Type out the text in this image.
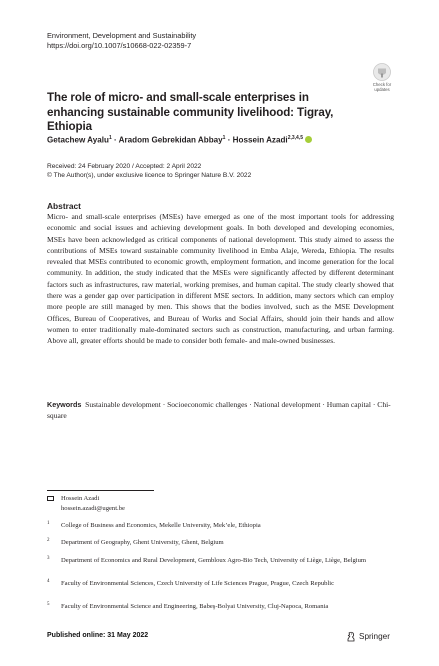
Environment, Development and Sustainability
https://doi.org/10.1007/s10668-022-02359-7
Check for
updates
The role of micro- and small-scale enterprises in enhancing sustainable community livelihood: Tigray, Ethiopia
Getachew Ayalu$^1$ · Aradom Gebrekidan Abbay$^1$ · Hossein Azadi$^{2,3,4,5}$
Received: 24 February 2020 / Accepted: 2 April 2022
© The Author(s), under exclusive licence to Springer Nature B.V. 2022
Abstract
Micro- and small-scale enterprises (MSEs) have emerged as one of the most important tools for addressing economic and social issues and achieving development goals. In both developed and developing economies, MSEs have been acknowledged as critical components of national development. This study aimed to assess the contributions of MSEs toward sustainable community livelihood in Emba Alaje, Wereda, Ethiopia. The results revealed that MSEs contributed to economic growth, employment formation, and income generation for the local community. In addition, the study indicated that the MSEs were significantly affected by different determinant factors such as infrastructures, raw material, working premises, and human capital. The study clearly showed that there was a gender gap over participation in different MSE sectors. In addition, many sectors which can employ more people are still managed by men. This shows that the bodies involved, such as the MSE Development Offices, Bureau of Cooperatives, and Bureau of Works and Social Affairs, should join their hands and allow women to enter traditionally male-dominated sectors such as construction, manufacturing, and urban farming. Above all, greater efforts should be made to consider both female- and male-owned businesses.
Keywords Sustainable development · Socioeconomic challenges · National development · Human capital · Chi-square
Hossein Azadi
hossein.azadi@ugent.be
1 College of Business and Economics, Mekelle University, Mek’ele, Ethiopia
2 Department of Geography, Ghent University, Ghent, Belgium
3 Department of Economics and Rural Development, Gembloux Agro-Bio Tech, University of Liège, Liège, Belgium
4 Faculty of Environmental Sciences, Czech University of Life Sciences Prague, Prague, Czech Republic
5 Faculty of Environmental Science and Engineering, Babeş-Bolyai University, Cluj-Napoca, Romania
Published online: 31 May 2022	Springer
